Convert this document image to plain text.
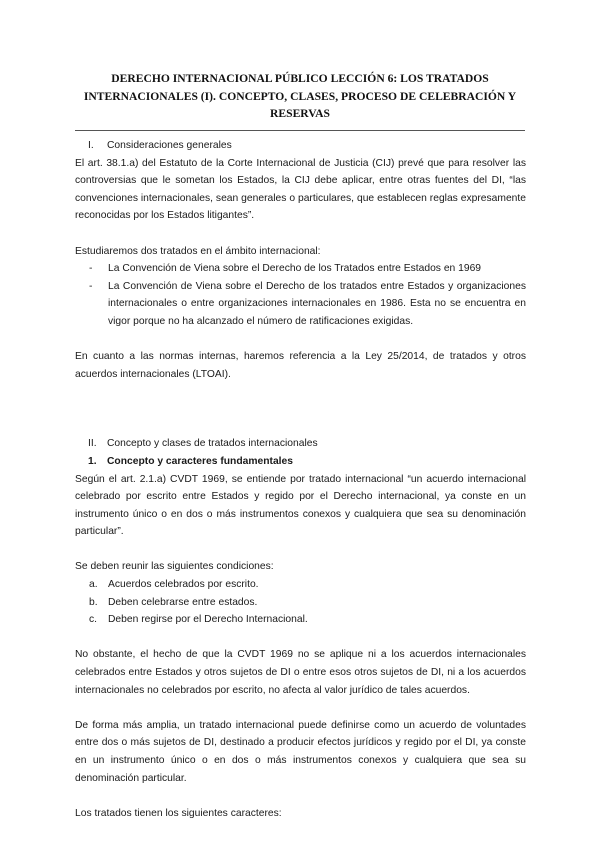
DERECHO INTERNACIONAL PÚBLICO LECCIÓN 6: LOS TRATADOS INTERNACIONALES (I). CONCEPTO, CLASES, PROCESO DE CELEBRACIÓN Y RESERVAS
I.	Consideraciones generales

El art. 38.1.a) del Estatuto de la Corte Internacional de Justicia (CIJ) prevé que para resolver las controversias que le sometan los Estados, la CIJ debe aplicar, entre otras fuentes del DI, “las convenciones internacionales, sean generales o particulares, que establecen reglas expresamente reconocidas por los Estados litigantes”.

Estudiaremos dos tratados en el ámbito internacional:

-	La Convención de Viena sobre el Derecho de los Tratados entre Estados en 1969
-	La Convención de Viena sobre el Derecho de los tratados entre Estados y organizaciones internacionales o entre organizaciones internacionales en 1986. Esta no se encuentra en vigor porque no ha alcanzado el número de ratificaciones exigidas.

En cuanto a las normas internas, haremos referencia a la Ley 25/2014, de tratados y otros acuerdos internacionales (LTOAI).

II.	Concepto y clases de tratados internacionales
1.	Concepto y caracteres fundamentales

Según el art. 2.1.a) CVDT 1969, se entiende por tratado internacional “un acuerdo internacional celebrado por escrito entre Estados y regido por el Derecho internacional, ya conste en un instrumento único o en dos o más instrumentos conexos y cualquiera que sea su denominación particular”.

Se deben reunir las siguientes condiciones:

a.	Acuerdos celebrados por escrito.
b.	Deben celebrarse entre estados.
c.	Deben regirse por el Derecho Internacional.

No obstante, el hecho de que la CVDT 1969 no se aplique ni a los acuerdos internacionales celebrados entre Estados y otros sujetos de DI o entre esos otros sujetos de DI, ni a los acuerdos internacionales no celebrados por escrito, no afecta al valor jurídico de tales acuerdos.

De forma más amplia, un tratado internacional puede definirse como un acuerdo de voluntades entre dos o más sujetos de DI, destinado a producir efectos jurídicos y regido por el DI, ya conste en un instrumento único o en dos o más instrumentos conexos y cualquiera que sea su denominación particular.

Los tratados tienen los siguientes caracteres:
